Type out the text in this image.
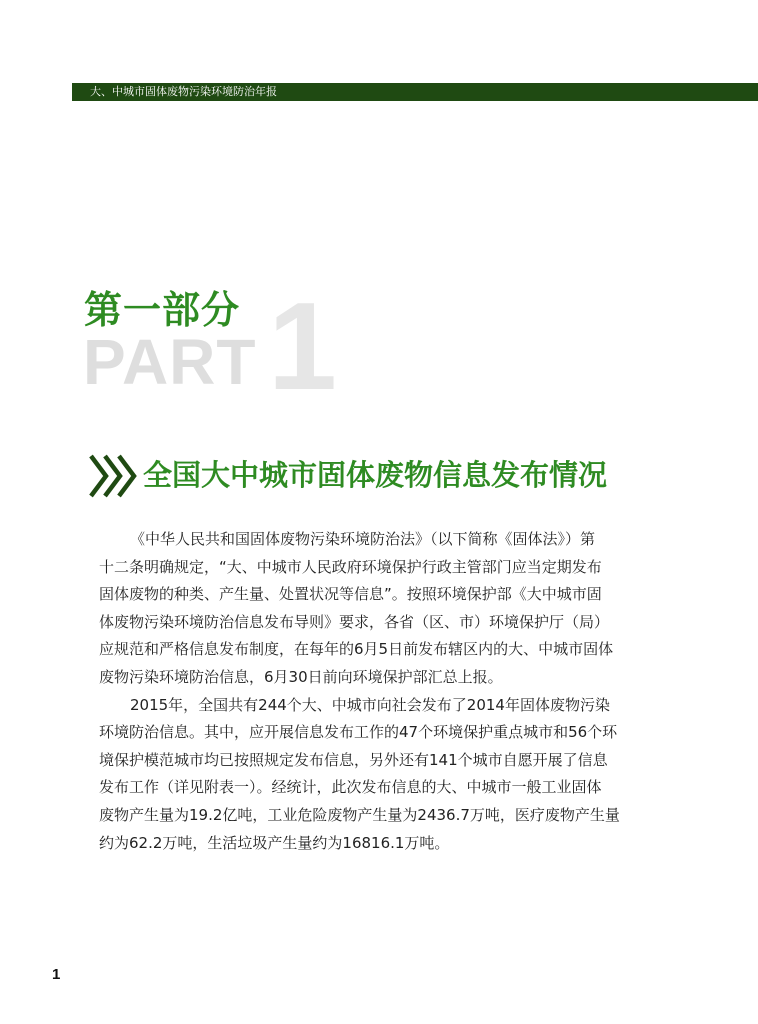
大、中城市固体废物污染环境防治年报
1
第一部分
PART
全国大中城市固体废物信息发布情况
《中华人民共和国固体废物污染环境防治法》（以下简称《固体法》）第
十二条明确规定，“大、中城市人民政府环境保护行政主管部门应当定期发布
固体废物的种类、产生量、处置状况等信息”。按照环境保护部《大中城市固
体废物污染环境防治信息发布导则》要求，各省（区、市）环境保护厅（局）
应规范和严格信息发布制度，在每年的6月5日前发布辖区内的大、中城市固体
废物污染环境防治信息，6月30日前向环境保护部汇总上报。
2015年，全国共有244个大、中城市向社会发布了2014年固体废物污染
环境防治信息。其中，应开展信息发布工作的47个环境保护重点城市和56个环
境保护模范城市均已按照规定发布信息，另外还有141个城市自愿开展了信息
发布工作（详见附表一）。经统计，此次发布信息的大、中城市一般工业固体
废物产生量为19.2亿吨，工业危险废物产生量为2436.7万吨，医疗废物产生量
约为62.2万吨，生活垃圾产生量约为16816.1万吨。
1
